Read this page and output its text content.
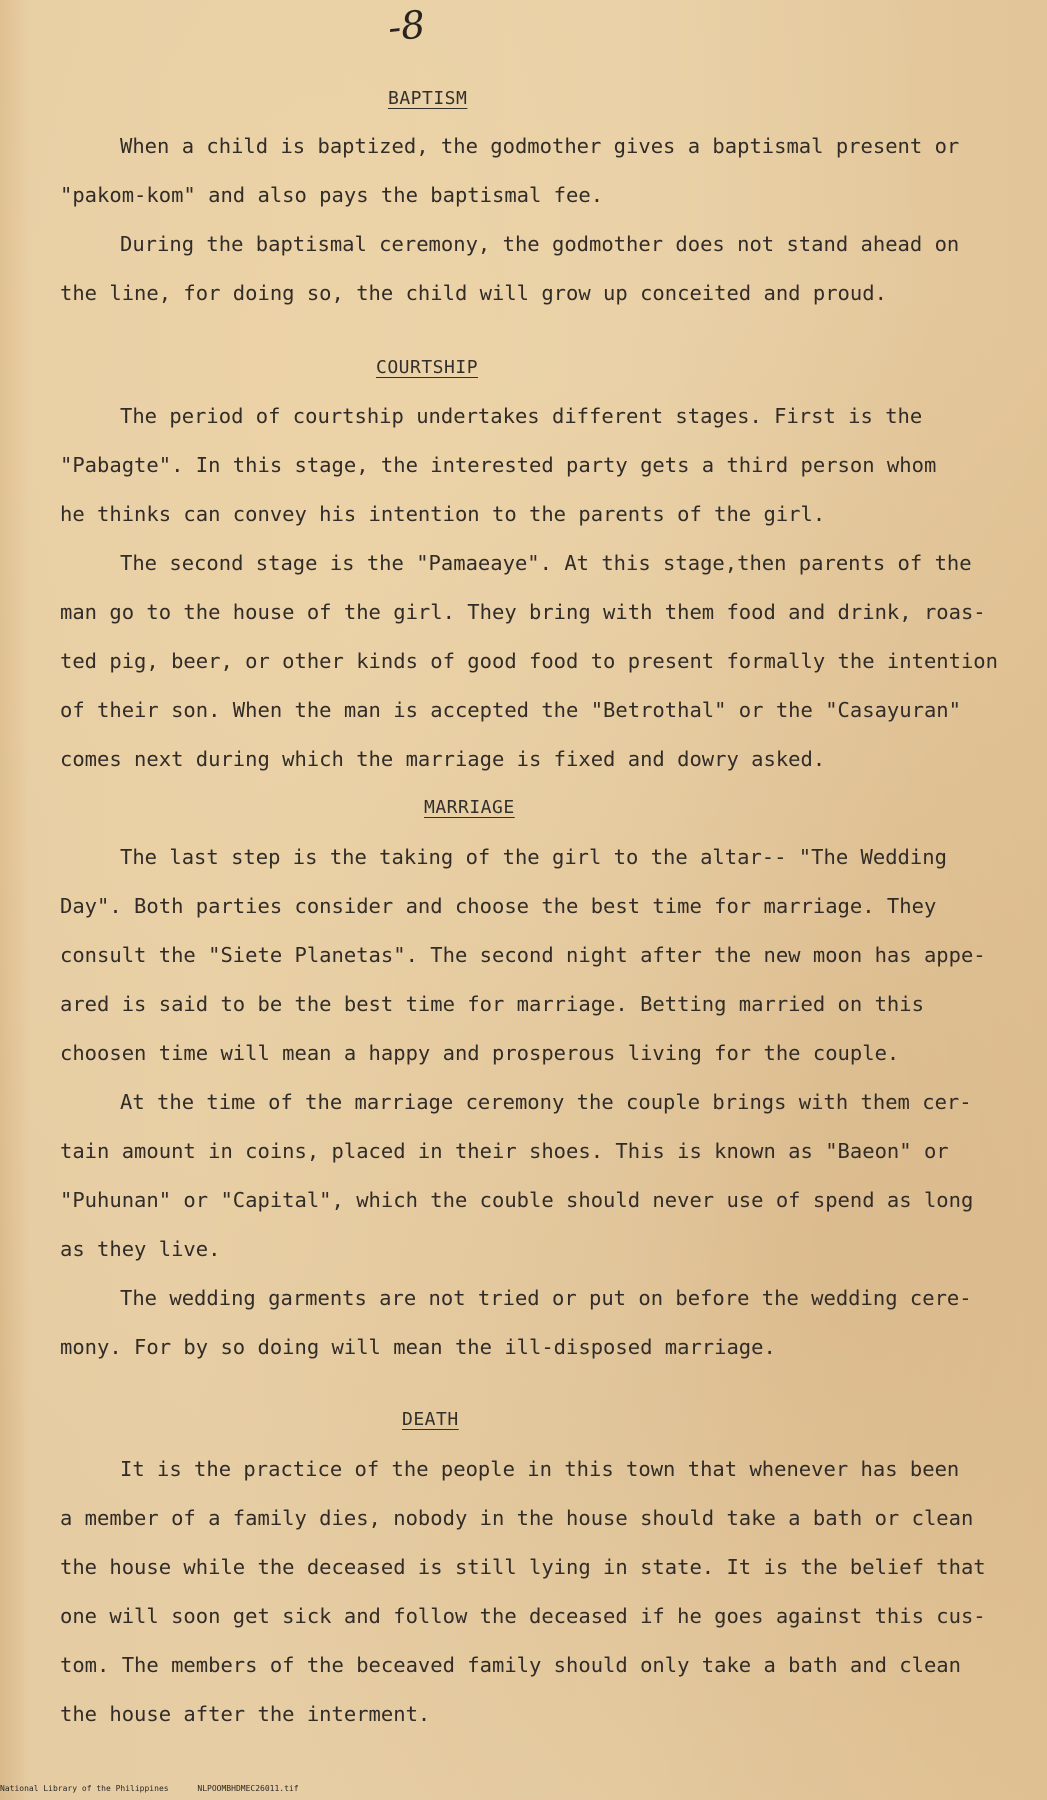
-8
BAPTISM
When a child is baptized, the godmother gives a baptismal present or
"pakom-kom" and also pays the baptismal fee.
During the baptismal ceremony, the godmother does not stand ahead on
the line, for doing so, the child will grow up conceited and proud.
COURTSHIP
The period of courtship undertakes different stages. First is the
"Pabagte". In this stage, the interested party gets a third person whom
he thinks can convey his intention to the parents of the girl.
The second stage is the "Pamaeaye". At this stage,then parents of the
man go to the house of the girl. They bring with them food and drink, roas-
ted pig, beer, or other kinds of good food to present formally the intention
of their son. When the man is accepted the "Betrothal" or the "Casayuran"
comes next during which the marriage is fixed and dowry asked.
MARRIAGE
The last step is the taking of the girl to the altar-- "The Wedding
Day". Both parties consider and choose the best time for marriage. They
consult the "Siete Planetas". The second night after the new moon has appe-
ared is said to be the best time for marriage. Betting married on this
choosen time will mean a happy and prosperous living for the couple.
At the time of the marriage ceremony the couple brings with them cer-
tain amount in coins, placed in their shoes. This is known as "Baeon" or
"Puhunan" or "Capital", which the couble should never use of spend as long
as they live.
The wedding garments are not tried or put on before the wedding cere-
mony. For by so doing will mean the ill-disposed marriage.
DEATH
It is the practice of the people in this town that whenever has been
a member of a family dies, nobody in the house should take a bath or clean
the house while the deceased is still lying in state. It is the belief that
one will soon get sick and follow the deceased if he goes against this cus-
tom. The members of the beceaved family should only take a bath and clean
the house after the interment.
National Library of the Philippines	NLPOOMBHDMEC26011.tif
